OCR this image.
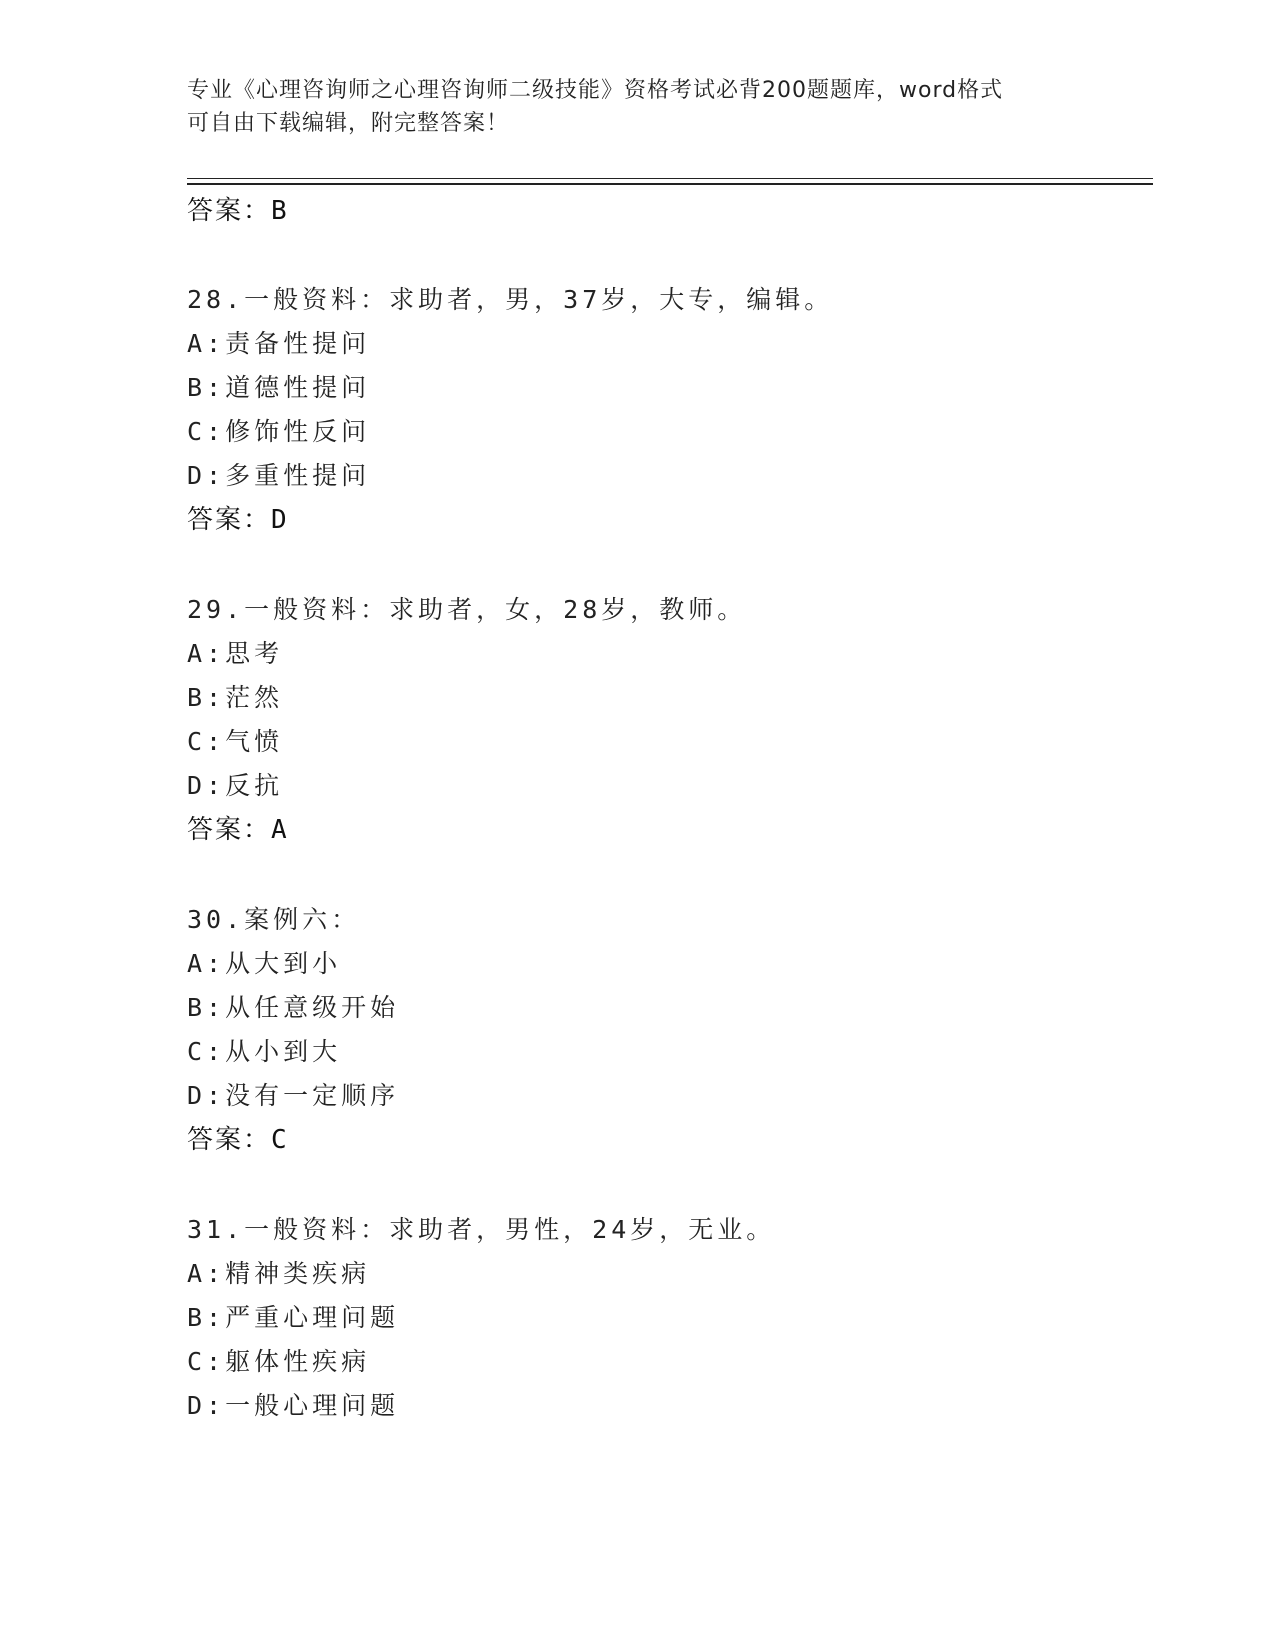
专业《心理咨询师之心理咨询师二级技能》资格考试必背200题题库，word格式
可自由下载编辑，附完整答案！
答案：B
28.一般资料：求助者，男，37岁，大专，编辑。
A:责备性提问
B:道德性提问
C:修饰性反问
D:多重性提问
答案：D
29.一般资料：求助者，女，28岁，教师。
A:思考
B:茫然
C:气愤
D:反抗
答案：A
30.案例六：
A:从大到小
B:从任意级开始
C:从小到大
D:没有一定顺序
答案：C
31.一般资料：求助者，男性，24岁，无业。
A:精神类疾病
B:严重心理问题
C:躯体性疾病
D:一般心理问题
